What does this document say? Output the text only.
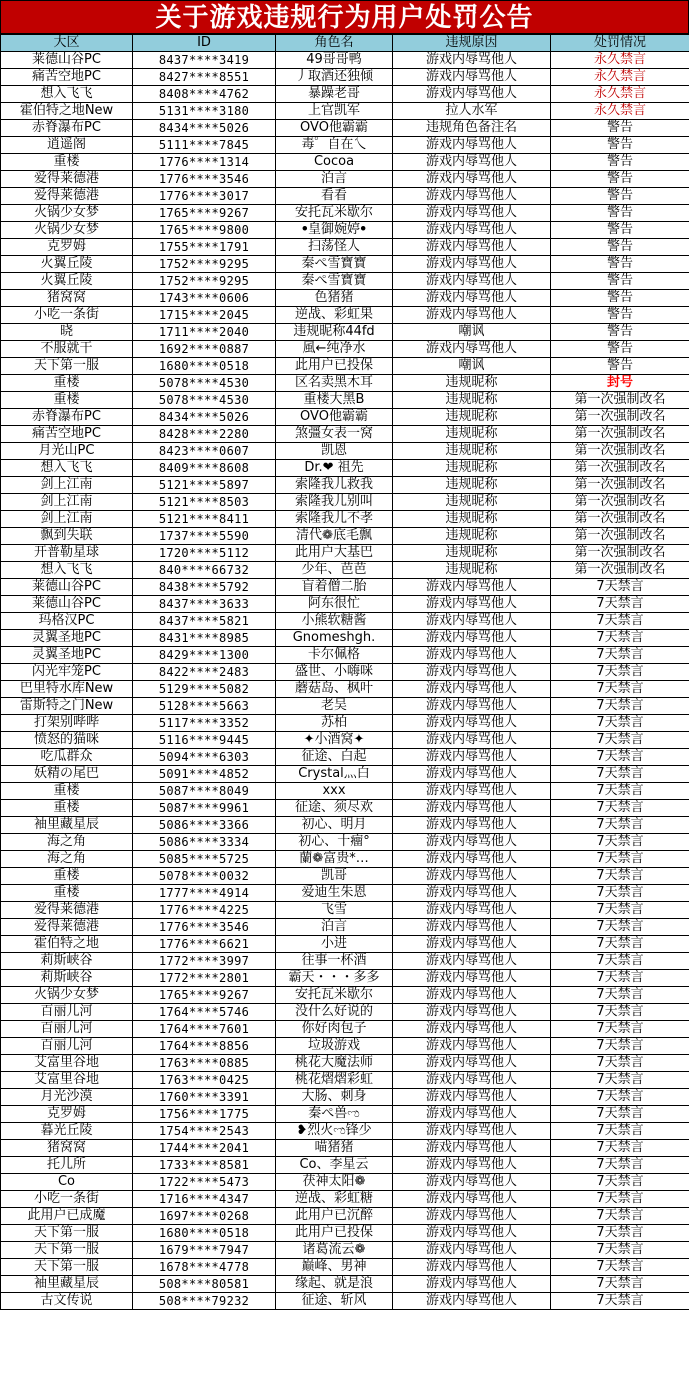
关于游戏违规行为用户处罚公告
大区	ID	角色名	违规原因	处罚情况
莱德山谷PC	8437****3419	49哥哥鸭	游戏内辱骂他人	永久禁言
痛苦空地PC	8427****8551	丿取酒还独倾	游戏内辱骂他人	永久禁言
想入飞飞	8408****4762	暴躁老哥	游戏内辱骂他人	永久禁言
霍伯特之地New	5131****3180	上官凯军	拉人水军	永久禁言
赤脊瀑布PC	8434****5026	OVO他霸霸	违规角色备注名	警告
逍遥阁	5111****7845	毒゜自在乀	游戏内辱骂他人	警告
重楼	1776****1314	Cocoa	游戏内辱骂他人	警告
爱得莱德港	1776****3546	泊言	游戏内辱骂他人	警告
爱得莱德港	1776****3017	看看	游戏内辱骂他人	警告
火锅少女梦	1765****9267	安托瓦米歇尔	游戏内辱骂他人	警告
火锅少女梦	1765****9800	ꔷ皇御婉婷ꔷ	游戏内辱骂他人	警告
克罗姆	1755****1791	扫荡怪人	游戏内辱骂他人	警告
火翼丘陵	1752****9295	秦ぺ雪寶寶	游戏内辱骂他人	警告
火翼丘陵	1752****9295	秦ぺ雪寶寶	游戏内辱骂他人	警告
猪窝窝	1743****0606	色猪猪	游戏内辱骂他人	警告
小吃一条街	1715****2045	逆战、彩虹果	游戏内辱骂他人	警告
晓	1711****2040	违规昵称44fd	嘲讽	警告
不服就干	1692****0887	風←纯净水	游戏内辱骂他人	警告
天下第一服	1680****0518	此用户已投保	嘲讽	警告
重楼	5078****4530	区名卖黑木耳	违规昵称	封号
重楼	5078****4530	重楼大黑B	违规昵称	第一次强制改名
赤脊瀑布PC	8434****5026	OVO他霸霸	违规昵称	第一次强制改名
痛苦空地PC	8428****2280	煞彊女表一窝	违规昵称	第一次强制改名
月光山PC	8423****0607	凯恩	违规昵称	第一次强制改名
想入飞飞	8409****8608	Dr.❤ 祖先	违规昵称	第一次强制改名
剑上江南	5121****5897	索隆我儿救我	违规昵称	第一次强制改名
剑上江南	5121****8503	索隆我儿别叫	违规昵称	第一次强制改名
剑上江南	5121****8411	索隆我儿不孝	违规昵称	第一次强制改名
飘到失联	1737****5590	清代❁底毛飘	违规昵称	第一次强制改名
开普勒星球	1720****5112	此用户大基巴	违规昵称	第一次强制改名
想入飞飞	840****66732	少年、芭芭	违规昵称	第一次强制改名
莱德山谷PC	8438****5792	盲着僧二胎	游戏内辱骂他人	7天禁言
莱德山谷PC	8437****3633	阿东很忙	游戏内辱骂他人	7天禁言
玛格汉PC	8437****5821	小熊软糖酱	游戏内辱骂他人	7天禁言
灵翼圣地PC	8431****8985	Gnomeshgh.	游戏内辱骂他人	7天禁言
灵翼圣地PC	8429****1300	卡尔佩格	游戏内辱骂他人	7天禁言
闪光牢笼PC	8422****2483	盛世、小嗨咪	游戏内辱骂他人	7天禁言
巴里特水库New	5129****5082	蘑菇岛、枫叶	游戏内辱骂他人	7天禁言
雷斯特之门New	5128****5663	老吴	游戏内辱骂他人	7天禁言
打架别哔哔	5117****3352	苏柏	游戏内辱骂他人	7天禁言
愤怒的猫咪	5116****9445	✦小酒窝✦	游戏内辱骂他人	7天禁言
吃瓜群众	5094****6303	征途、白起	游戏内辱骂他人	7天禁言
妖精の尾巴	5091****4852	Crystal灬白	游戏内辱骂他人	7天禁言
重楼	5087****8049	xxx	游戏内辱骂他人	7天禁言
重楼	5087****9961	征途、须尽欢	游戏内辱骂他人	7天禁言
袖里藏星辰	5086****3366	初心、明月	游戏内辱骂他人	7天禁言
海之角	5086****3334	初心、十癅°	游戏内辱骂他人	7天禁言
海之角	5085****5725	蘭❁富贵*…	游戏内辱骂他人	7天禁言
重楼	5078****0032	凯哥	游戏内辱骂他人	7天禁言
重楼	1777****4914	爱迪生朱恩	游戏内辱骂他人	7天禁言
爱得莱德港	1776****4225	飞雪	游戏内辱骂他人	7天禁言
爱得莱德港	1776****3546	泊言	游戏内辱骂他人	7天禁言
霍伯特之地	1776****6621	小进	游戏内辱骂他人	7天禁言
莉斯峡谷	1772****3997	往事一杯酒	游戏内辱骂他人	7天禁言
莉斯峡谷	1772****2801	霸天・・・多多	游戏内辱骂他人	7天禁言
火锅少女梦	1765****9267	安托瓦米歇尔	游戏内辱骂他人	7天禁言
百丽儿河	1764****5746	没什么好说的	游戏内辱骂他人	7天禁言
百丽儿河	1764****7601	你好肉包子	游戏内辱骂他人	7天禁言
百丽儿河	1764****8856	垃圾游戏	游戏内辱骂他人	7天禁言
艾富里谷地	1763****0885	桃花大魔法师	游戏内辱骂他人	7天禁言
艾富里谷地	1763****0425	桃花熠熠彩虹	游戏内辱骂他人	7天禁言
月光沙漠	1760****3391	大肠、刺身	游戏内辱骂他人	7天禁言
克罗姆	1756****1775	秦ぺ兽ಌ	游戏内辱骂他人	7天禁言
暮光丘陵	1754****2543	❥烈火ಌ锋少	游戏内辱骂他人	7天禁言
猪窝窝	1744****2041	喵猪猪	游戏内辱骂他人	7天禁言
托儿所	1733****8581	Co、李星云	游戏内辱骂他人	7天禁言
Co	1722****5473	茯神太阳❁	游戏内辱骂他人	7天禁言
小吃一条街	1716****4347	逆战、彩虹糖	游戏内辱骂他人	7天禁言
此用户已成魔	1697****0268	此用户已沉醉	游戏内辱骂他人	7天禁言
天下第一服	1680****0518	此用户已投保	游戏内辱骂他人	7天禁言
天下第一服	1679****7947	诸葛流云❁	游戏内辱骂他人	7天禁言
天下第一服	1678****4778	巅峰、男神	游戏内辱骂他人	7天禁言
袖里藏星辰	508****80581	缘起、就是浪	游戏内辱骂他人	7天禁言
古文传说	508****79232	征途、斩风	游戏内辱骂他人	7天禁言
